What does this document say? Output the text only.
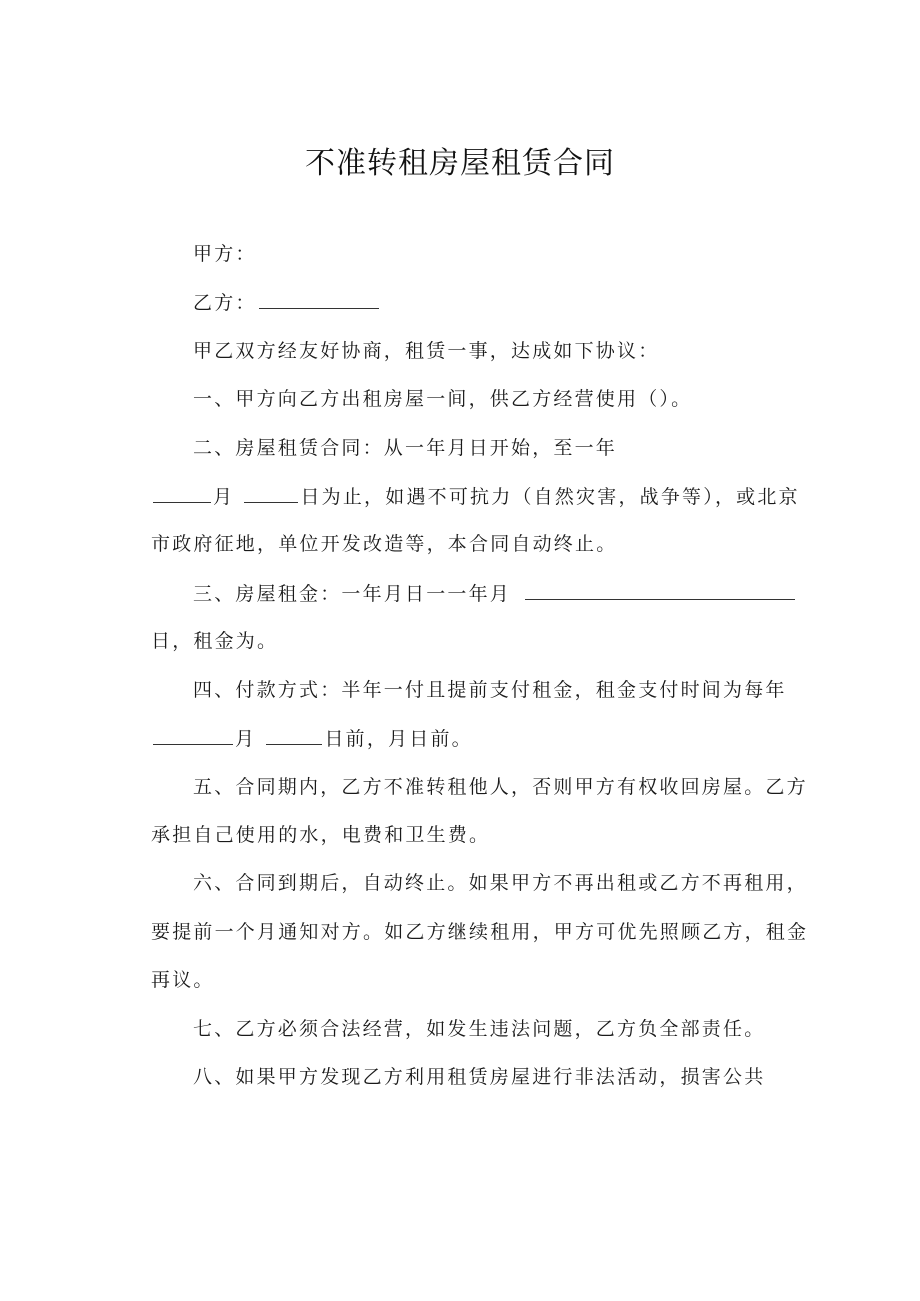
不准转租房屋租赁合同
甲方：
乙方：
甲乙双方经友好协商，租赁一事，达成如下协议：
一、甲方向乙方出租房屋一间，供乙方经营使用（）。
二、房屋租赁合同：从一年月日开始，至一年
月	日为止，如遇不可抗力（自然灾害，战争等），或北京
市政府征地，单位开发改造等，本合同自动终止。
三、房屋租金：一年月日一一年月
日，租金为。
四、付款方式：半年一付且提前支付租金，租金支付时间为每年
月	日前，月日前。
五、合同期内，乙方不准转租他人，否则甲方有权收回房屋。乙方
承担自己使用的水，电费和卫生费。
六、合同到期后，自动终止。如果甲方不再出租或乙方不再租用，
要提前一个月通知对方。如乙方继续租用，甲方可优先照顾乙方，租金
再议。
七、乙方必须合法经营，如发生违法问题，乙方负全部责任。
八、如果甲方发现乙方利用租赁房屋进行非法活动，损害公共
